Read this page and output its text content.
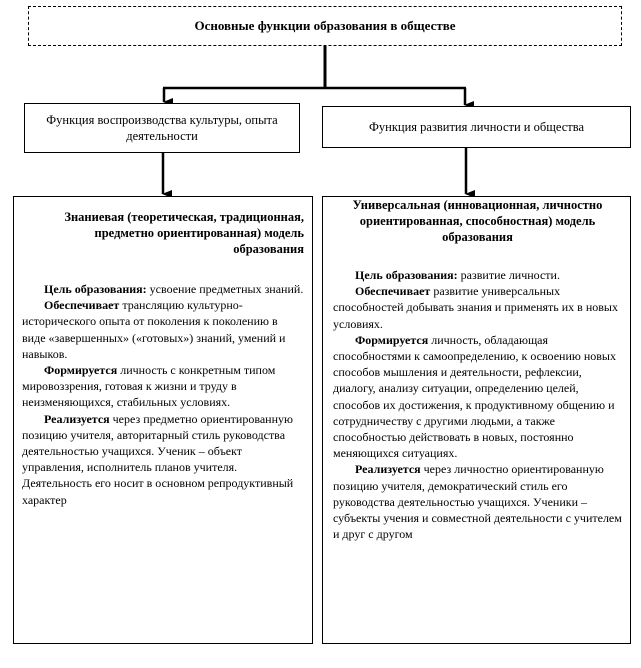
Основные функции образования в обществе
Функция воспроизводства культуры, опыта деятельности
Функция развития личности и общества

Знаниевая (теоретическая, традиционная, предметно ориентированная) модель образования

Цель образования: усвоение предметных знаний.

Обеспечивает трансляцию культурно-исторического опыта от поколения к поколению в виде «завершенных» («готовых») знаний, умений и навыков.

Формируется личность с конкретным типом мировоззрения, готовая к жизни и труду в неизменяющихся, стабильных условиях.

Реализуется через предметно ориентированную позицию учителя, авторитарный стиль руководства деятельностью учащихся. Ученик – объект управления, исполнитель планов учителя. Деятельность его носит в основном репродуктивный характер

Универсальная (инновационная, личностно ориентированная, способностная) модель образования

Цель образования: развитие личности.

Обеспечивает развитие универсальных способностей добывать знания и применять их в новых условиях.

Формируется личность, обладающая способностями к самоопределению, к освоению новых способов мышления и деятельности, рефлексии, диалогу, анализу ситуации, определению целей, способов их достижения, к продуктивному общению и сотрудничеству с другими людьми, а также способностью действовать в новых, постоянно меняющихся ситуациях.

Реализуется через личностно ориентированную позицию учителя, демократический стиль его руководства деятельностью учащихся. Ученики – субъекты учения и совместной деятельности с учителем и друг с другом
